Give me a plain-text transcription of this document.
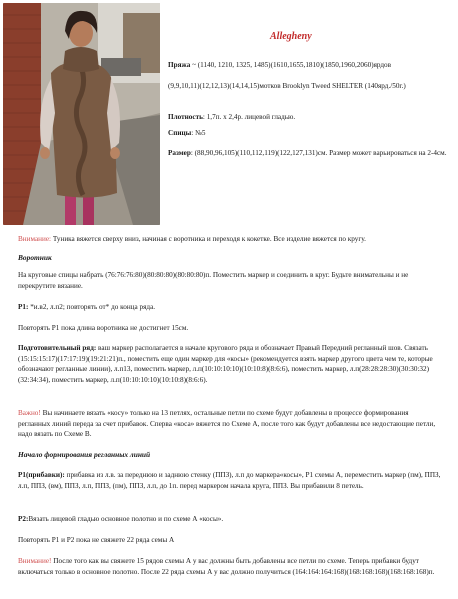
Allegheny
Пряжа ~ (1140, 1210, 1325, 1485)(1610,1655,1810)(1850,1960,2060)ярдов
(9,9,10,11)(12,12,13)(14,14,15)мотков Brooklyn Tweed SHELTER (140ярд./50г.)
Плотность: 1,7п. х 2,4р. лицевой гладью.
Спицы: №5
Размер: (88,90,96,105)(110,112,119)(122,127,131)см. Размер может варьироваться на 2-4см.
Внимание: Туника вяжется сверху вниз, начиная с воротника и переходя к кокетке. Все изделие вяжется по кругу.
Воротник
На круговые спицы набрать (76:76:76:80)(80:80:80)(80:80:80)п. Поместить маркер и соединить в круг. Будьте внимательны и не перекрутите вязание.
Р1: *и.в2, л.п2; повторять от* до конца ряда.
Повторять Р1 пока длина воротника не достигнет 15см.
Подготовительный ряд: ваш маркер располагается в начале кругового ряда и обозначает Правый Передний регланный шов. Связать (15:15:15:17)(17:17:19)(19:21:21)п., поместить еще один маркер для «косы» (рекомендуется взять маркер другого цвета чем те, которые обозначают регланные линии), л.п13, поместить маркер, л.п(10:10:10:10)(10:10:8)(8:6:6), поместить маркер, л.п(28:28:28:30)(30:30:32)(32:34:34), поместить маркер, л.п(10:10:10:10)(10:10:8)(8:6:6).
Важно! Вы начинаете вязать «косу» только на 13 петлях, остальные петли по схеме будут добавлены в процессе формирования регланных линий переда за счет прибавок. Сперва «коса» вяжется по Схеме А, после того как будут добавлены все недостающие петли, надо вязать по Схеме В.
Начало формирования регланных линий
Р1(прибавки): прибавка из л.в. за переднюю и заднюю стенку (ППЗ), л.п до маркера«косы», Р1 схемы А, переместить маркер (пм), ППЗ, л.п, ППЗ, (вм), ППЗ, л.п, ППЗ, (пм), ППЗ, л.п, до 1п. перед маркером начала круга, ППЗ. Вы прибавили 8 петель.
Р2:Вязать лицевой гладью основное полотно и по схеме А «косы».
Повторять Р1 и Р2 пока не свяжете 22 ряда семы А
Внимание! После того как вы свяжете 15 рядов схемы А у вас должны быть добавлены все петли по схеме. Теперь прибавки будут включаться только в основное полотно. После 22 ряда схемы А у вас должно получиться (164:164:164:168)(168:168:168)(168:168:168)п.
